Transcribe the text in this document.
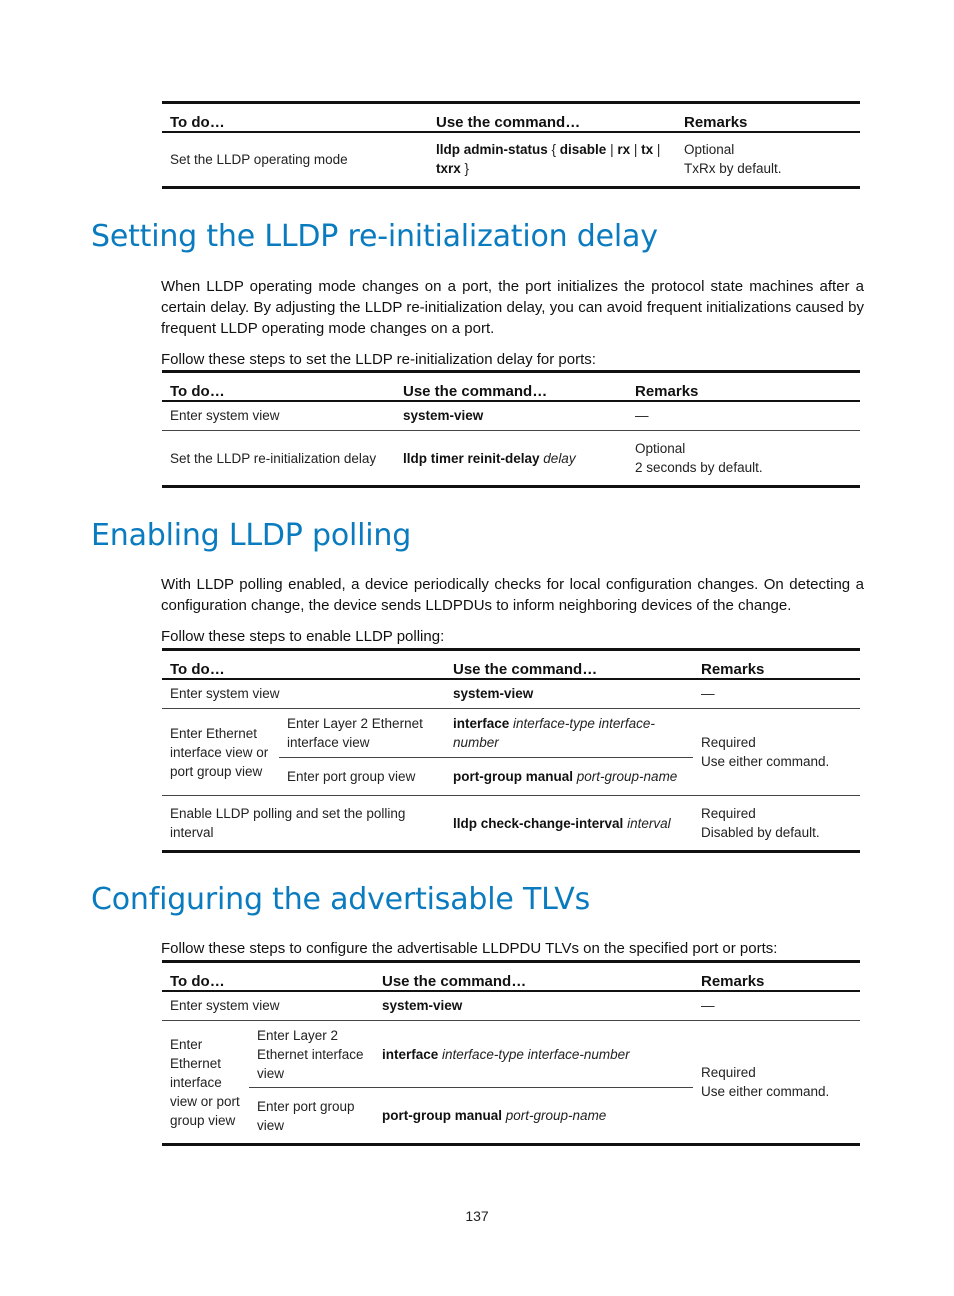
To do…	Use the command…	Remarks
Set the LLDP operating mode	lldp admin-status { disable | rx | tx | txrx }	Optional
TxRx by default.
Setting the LLDP re-initialization delay

When LLDP operating mode changes on a port, the port initializes the protocol state machines after a certain delay. By adjusting the LLDP re-initialization delay, you can avoid frequent initializations caused by frequent LLDP operating mode changes on a port.

Follow these steps to set the LLDP re-initialization delay for ports:

To do…	Use the command…	Remarks
Enter system view	system-view	—
Set the LLDP re-initialization delay	lldp timer reinit-delay delay	Optional
2 seconds by default.
Enabling LLDP polling

With LLDP polling enabled, a device periodically checks for local configuration changes. On detecting a configuration change, the device sends LLDPDUs to inform neighboring devices of the change.

Follow these steps to enable LLDP polling:

To do…		Use the command…	Remarks
Enter system view		system-view	—
Enter Ethernet interface view or port group view	Enter Layer 2 Ethernet interface view	interface interface-type interface-number	Required
Use either command.

	Enter port group view	port-group manual port-group-name	
Enable LLDP polling and set the polling interval		lldp check-change-interval interval	Required
Disabled by default.
Configuring the advertisable TLVs

Follow these steps to configure the advertisable LLDPDU TLVs on the specified port or ports:

To do…		Use the command…	Remarks
Enter system view		system-view	—
Enter Ethernet interface view or port group view	Enter Layer 2 Ethernet interface view	interface interface-type interface-number	Required
Use either command.

	Enter port group view	port-group manual port-group-name	
137
